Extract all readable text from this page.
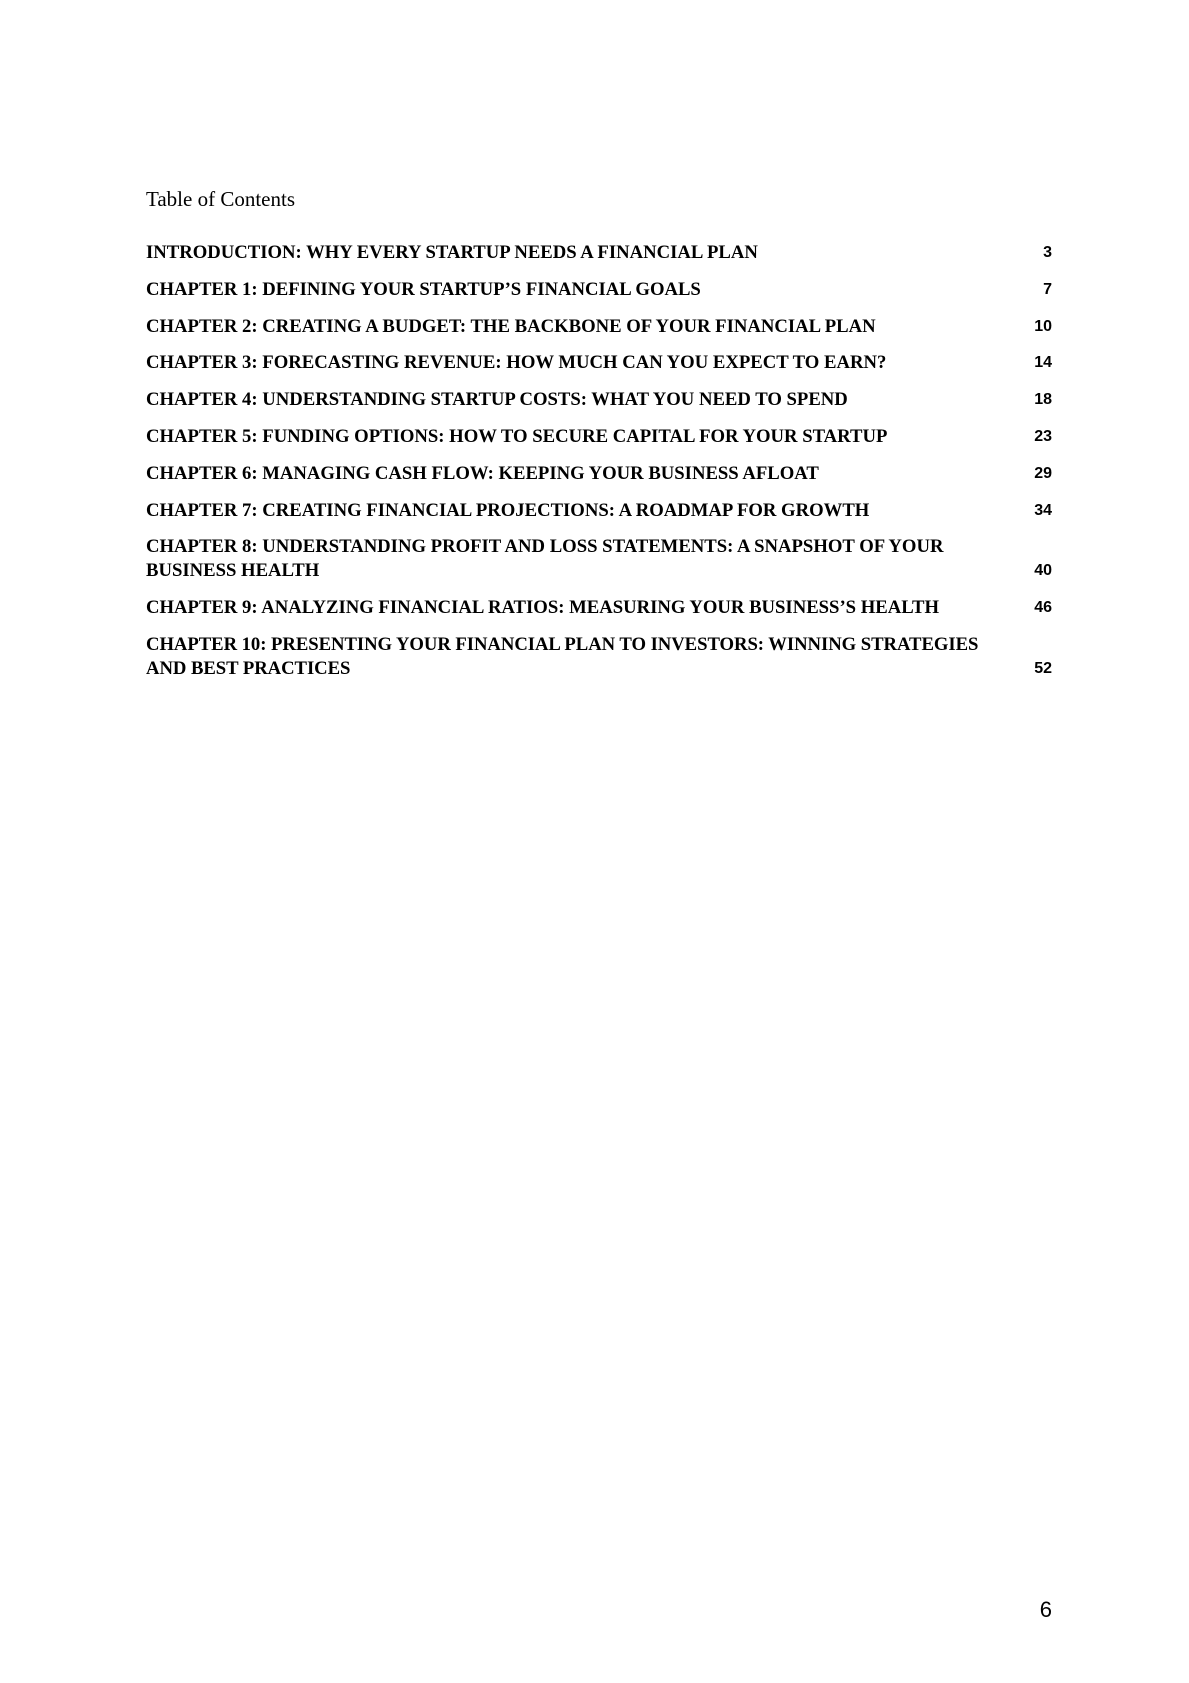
Table of Contents
INTRODUCTION: WHY EVERY STARTUP NEEDS A FINANCIAL PLAN	3
CHAPTER 1: DEFINING YOUR STARTUP’S FINANCIAL GOALS	7
CHAPTER 2: CREATING A BUDGET: THE BACKBONE OF YOUR FINANCIAL PLAN	10
CHAPTER 3: FORECASTING REVENUE: HOW MUCH CAN YOU EXPECT TO EARN?	14
CHAPTER 4: UNDERSTANDING STARTUP COSTS: WHAT YOU NEED TO SPEND	18
CHAPTER 5: FUNDING OPTIONS: HOW TO SECURE CAPITAL FOR YOUR STARTUP	23
CHAPTER 6: MANAGING CASH FLOW: KEEPING YOUR BUSINESS AFLOAT	29
CHAPTER 7: CREATING FINANCIAL PROJECTIONS: A ROADMAP FOR GROWTH	34
CHAPTER 8: UNDERSTANDING PROFIT AND LOSS STATEMENTS: A SNAPSHOT OF YOUR BUSINESS HEALTH	40
CHAPTER 9: ANALYZING FINANCIAL RATIOS: MEASURING YOUR BUSINESS’S HEALTH	46
CHAPTER 10: PRESENTING YOUR FINANCIAL PLAN TO INVESTORS: WINNING STRATEGIES AND BEST PRACTICES	52
6
